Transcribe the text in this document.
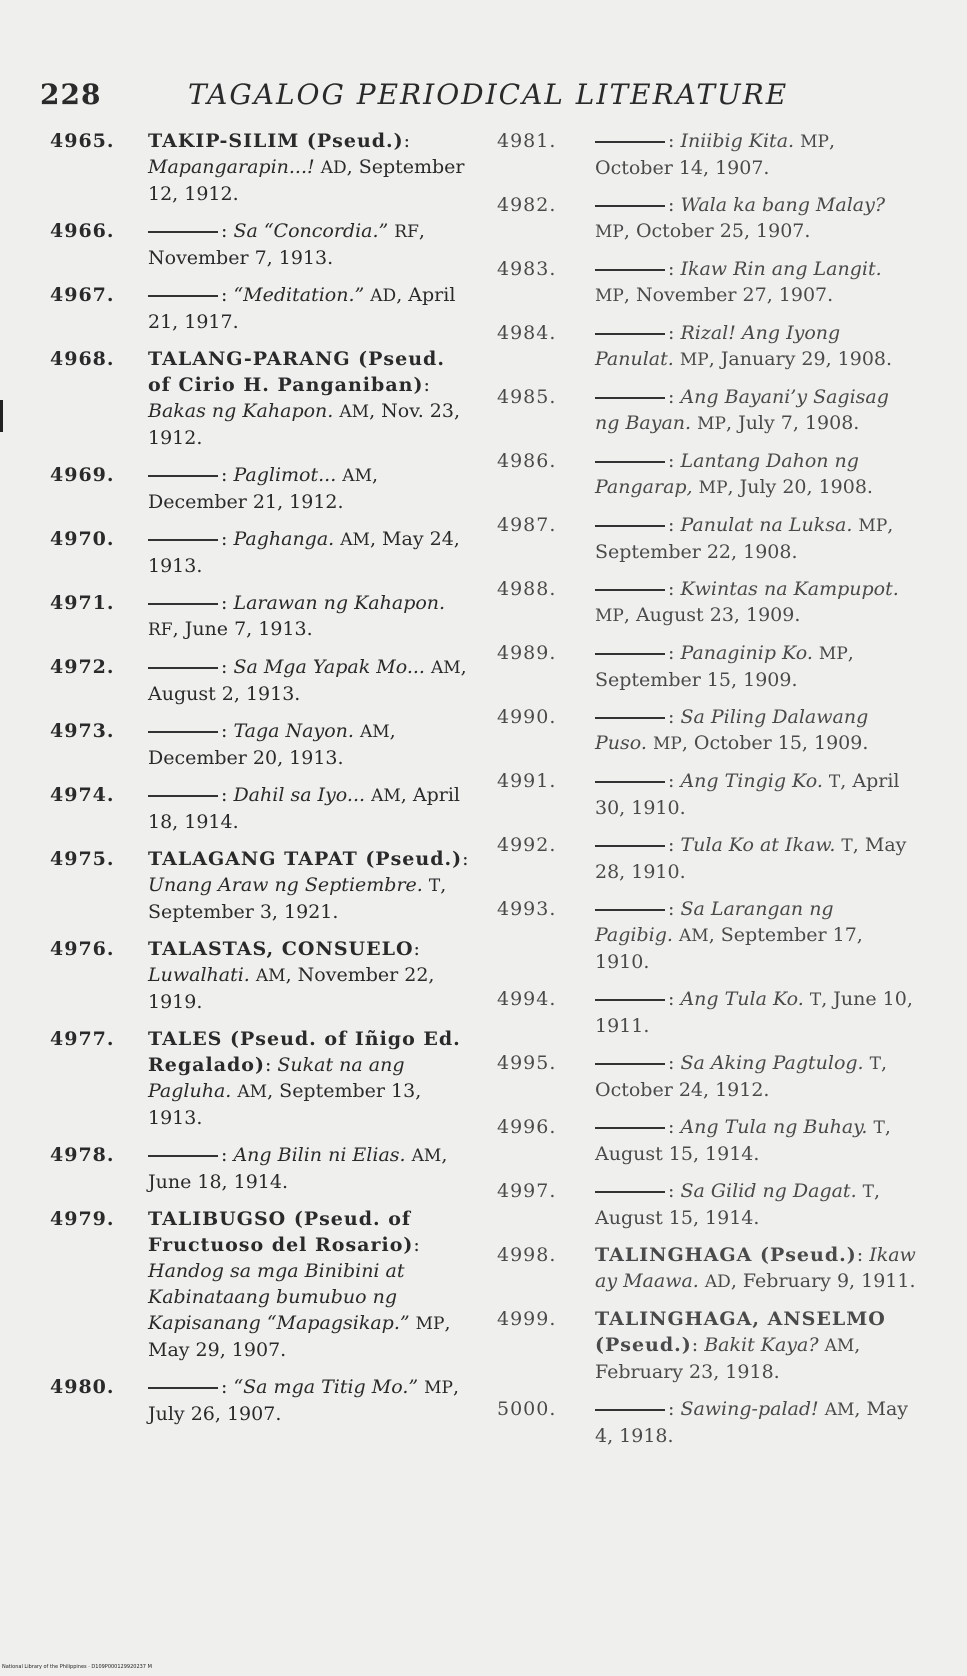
228	TAGALOG PERIODICAL LITERATURE
4965. TAKIP-SILIM (Pseud.): Mapangarapin...! AD, September 12, 1912.
4966.	: Sa “Concordia.” RF, November 7, 1913.
4967.	: “Meditation.” AD, April 21, 1917.
4968. TALANG-PARANG (Pseud. of Cirio H. Panganiban): Bakas ng Kahapon. AM, Nov. 23, 1912.
4969.	: Paglimot... AM, December 21, 1912.
4970.	: Paghanga. AM, May 24, 1913.
4971.	: Larawan ng Kahapon. RF, June 7, 1913.
4972.	: Sa Mga Yapak Mo... AM, August 2, 1913.
4973.	: Taga Nayon. AM, December 20, 1913.
4974.	: Dahil sa Iyo... AM, April 18, 1914.
4975. TALAGANG TAPAT (Pseud.): Unang Araw ng Septiembre. T, September 3, 1921.
4976. TALASTAS, CONSUELO: Luwalhati. AM, November 22, 1919.
4977. TALES (Pseud. of Iñigo Ed. Regalado): Sukat na ang Pagluha. AM, September 13, 1913.
4978.	: Ang Bilin ni Elias. AM, June 18, 1914.
4979. TALIBUGSO (Pseud. of Fructuoso del Rosario): Handog sa mga Binibini at Kabinataang bumubuo ng Kapisanang “Mapagsikap.” MP, May 29, 1907.
4980.	: “Sa mga Titig Mo.” MP, July 26, 1907.
4981.	: Iniibig Kita. MP, October 14, 1907.
4982.	: Wala ka bang Malay? MP, October 25, 1907.
4983.	: Ikaw Rin ang Langit. MP, November 27, 1907.
4984.	: Rizal! Ang Iyong Panulat. MP, January 29, 1908.
4985.	: Ang Bayani’y Sagisag ng Bayan. MP, July 7, 1908.
4986.	: Lantang Dahon ng Pangarap, MP, July 20, 1908.
4987.	: Panulat na Luksa. MP, September 22, 1908.
4988.	: Kwintas na Kampupot. MP, August 23, 1909.
4989.	: Panaginip Ko. MP, September 15, 1909.
4990.	: Sa Piling Dalawang Puso. MP, October 15, 1909.
4991.	: Ang Tingig Ko. T, April 30, 1910.
4992.	: Tula Ko at Ikaw. T, May 28, 1910.
4993.	: Sa Larangan ng Pagibig. AM, September 17, 1910.
4994.	: Ang Tula Ko. T, June 10, 1911.
4995.	: Sa Aking Pagtulog. T, October 24, 1912.
4996.	: Ang Tula ng Buhay. T, August 15, 1914.
4997.	: Sa Gilid ng Dagat. T, August 15, 1914.
4998. TALINGHAGA (Pseud.): Ikaw ay Maawa. AD, February 9, 1911.
4999. TALINGHAGA, ANSELMO (Pseud.): Bakit Kaya? AM, February 23, 1918.
5000.	: Sawing-palad! AM, May 4, 1918.
National Library of the Philippines · D109P000129920237 M
